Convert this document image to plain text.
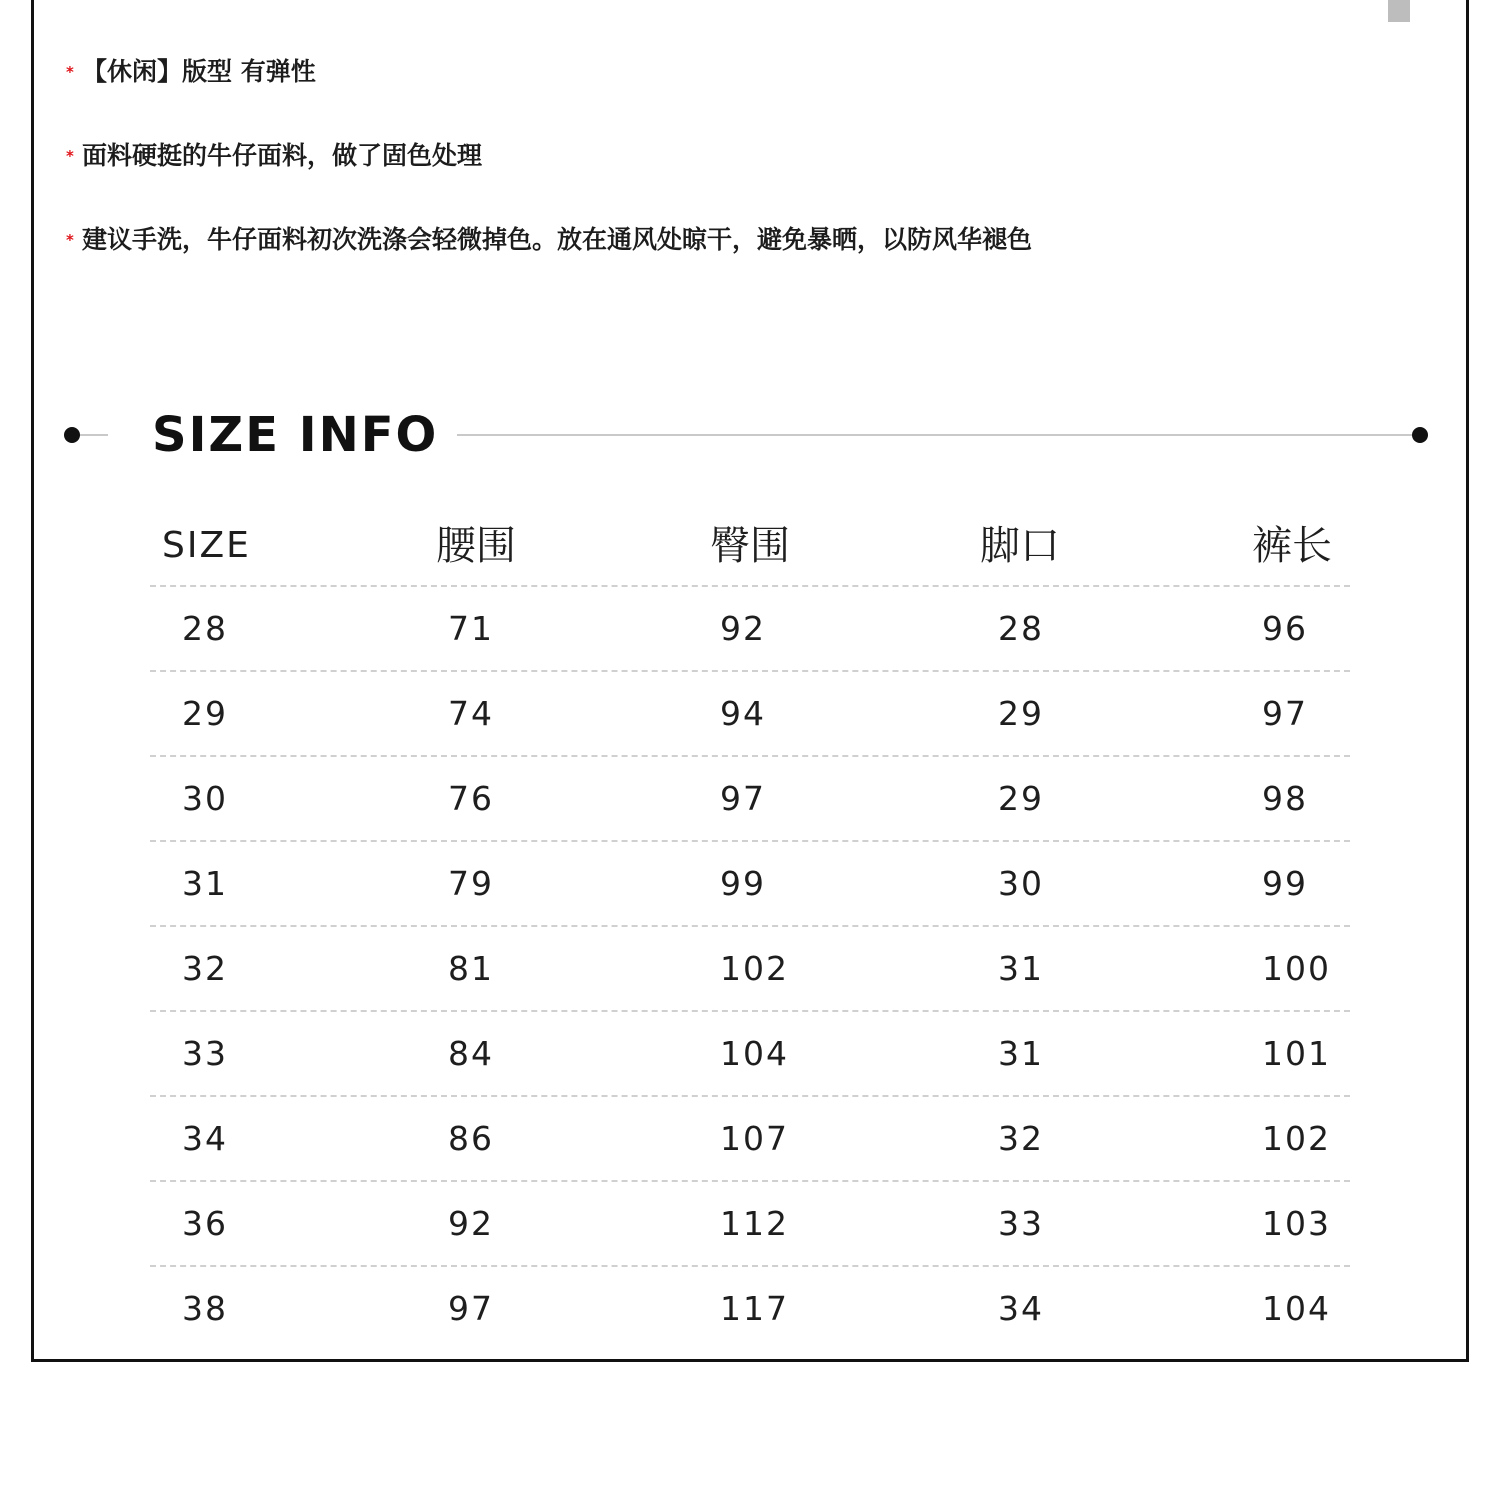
* 【休闲】版型 有弹性
* 面料硬挺的牛仔面料，做了固色处理
* 建议手洗，牛仔面料初次洗涤会轻微掉色。放在通风处晾干，避免暴晒，以防风华褪色
SIZE INFO
SIZE	腰围	臀围	脚口	裤长
28	71	92	28	96
29	74	94	29	97
30	76	97	29	98
31	79	99	30	99
32	81	102	31	100
33	84	104	31	101
34	86	107	32	102
36	92	112	33	103
38	97	117	34	104
